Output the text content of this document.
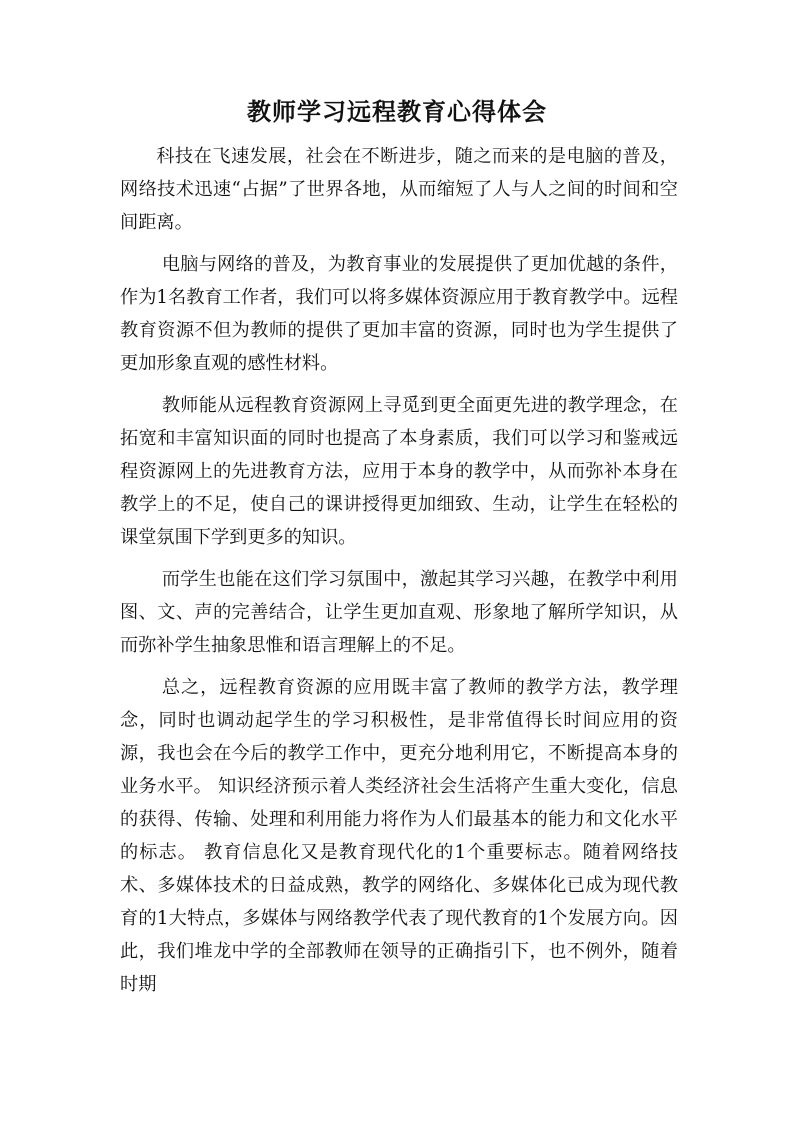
教师学习远程教育心得体会

科技在飞速发展，社会在不断进步，随之而来的是电脑的普及，网络技术迅速“占据”了世界各地，从而缩短了人与人之间的时间和空间距离。

电脑与网络的普及，为教育事业的发展提供了更加优越的条件，作为1名教育工作者，我们可以将多媒体资源应用于教育教学中。远程教育资源不但为教师的提供了更加丰富的资源，同时也为学生提供了更加形象直观的感性材料。

教师能从远程教育资源网上寻觅到更全面更先进的教学理念，在拓宽和丰富知识面的同时也提高了本身素质，我们可以学习和鉴戒远程资源网上的先进教育方法，应用于本身的教学中，从而弥补本身在教学上的不足，使自己的课讲授得更加细致、生动，让学生在轻松的课堂氛围下学到更多的知识。

而学生也能在这们学习氛围中，激起其学习兴趣，在教学中利用图、文、声的完善结合，让学生更加直观、形象地了解所学知识，从而弥补学生抽象思惟和语言理解上的不足。

总之，远程教育资源的应用既丰富了教师的教学方法，教学理念，同时也调动起学生的学习积极性，是非常值得长时间应用的资源，我也会在今后的教学工作中，更充分地利用它，不断提高本身的业务水平。 知识经济预示着人类经济社会生活将产生重大变化，信息的获得、传输、处理和利用能力将作为人们最基本的能力和文化水平的标志。 教育信息化又是教育现代化的1个重要标志。随着网络技术、多媒体技术的日益成熟，教学的网络化、多媒体化已成为现代教育的1大特点，多媒体与网络教学代表了现代教育的1个发展方向。因此，我们堆龙中学的全部教师在领导的正确指引下，也不例外，随着时期
